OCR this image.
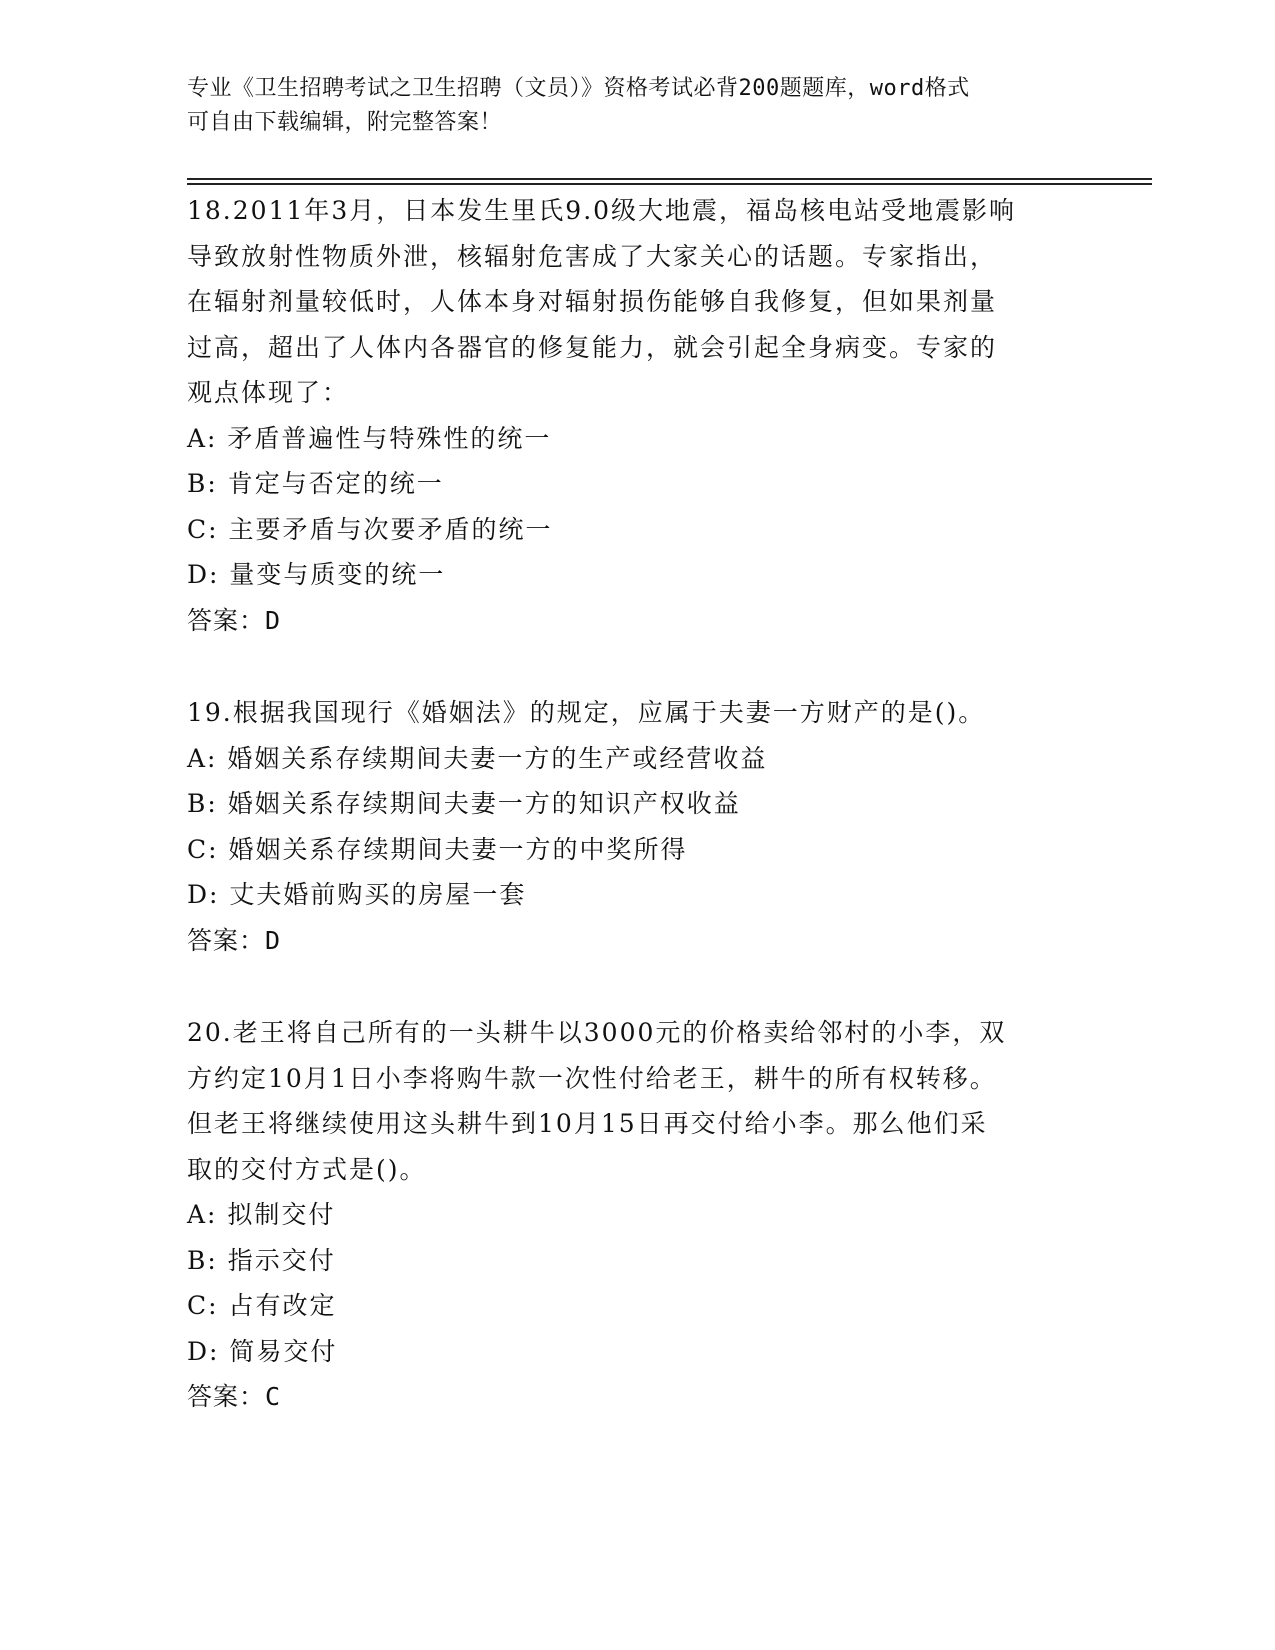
专业《卫生招聘考试之卫生招聘（文员）》资格考试必背200题题库，word格式
可自由下载编辑，附完整答案！
18.2011年3月，日本发生里氏9.0级大地震，福岛核电站受地震影响
导致放射性物质外泄，核辐射危害成了大家关心的话题。专家指出，
在辐射剂量较低时，人体本身对辐射损伤能够自我修复，但如果剂量
过高，超出了人体内各器官的修复能力，就会引起全身病变。专家的
观点体现了：
A: 矛盾普遍性与特殊性的统一
B: 肯定与否定的统一
C: 主要矛盾与次要矛盾的统一
D: 量变与质变的统一
答案：D
19.根据我国现行《婚姻法》的规定，应属于夫妻一方财产的是()。
A: 婚姻关系存续期间夫妻一方的生产或经营收益
B: 婚姻关系存续期间夫妻一方的知识产权收益
C: 婚姻关系存续期间夫妻一方的中奖所得
D: 丈夫婚前购买的房屋一套
答案：D
20.老王将自己所有的一头耕牛以3000元的价格卖给邻村的小李，双
方约定10月1日小李将购牛款一次性付给老王，耕牛的所有权转移。
但老王将继续使用这头耕牛到10月15日再交付给小李。那么他们采
取的交付方式是()。
A: 拟制交付
B: 指示交付
C: 占有改定
D: 简易交付
答案：C
